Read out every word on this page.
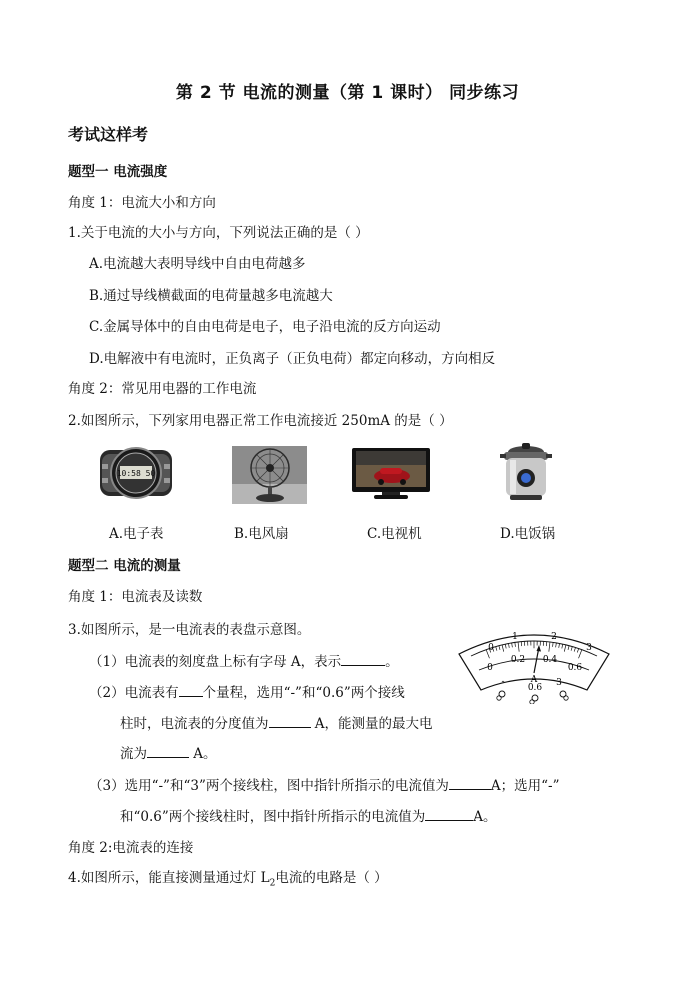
第 2 节 电流的测量（第 1 课时） 同步练习
考试这样考
题型一 电流强度
角度 1：电流大小和方向
1.关于电流的大小与方向，下列说法正确的是（ ）
A.电流越大表明导线中自由电荷越多
B.通过导线横截面的电荷量越多电流越大
C.金属导体中的自由电荷是电子，电子沿电流的反方向运动
D.电解液中有电流时，正负离子（正负电荷）都定向移动，方向相反
角度 2：常见用电器的工作电流
2.如图所示，下列家用电器正常工作电流接近 250mA 的是（ ）
10:58 50
A.电子表	B.电风扇	C.电视机	D.电饭锅
题型二 电流的测量
角度 1：电流表及读数
3.如图所示，是一电流表的表盘示意图。
（1）电流表的刻度盘上标有字母 A，表示	。
（2）电流表有 个量程，选用“-”和“0.6”两个接线
柱时，电流表的分度值为	A，能测量的最大电
流为	A。
（3）选用“-”和“3”两个接线柱，图中指针所指示的电流值为	A；选用“-”
和“0.6”两个接线柱时，图中指针所指示的电流值为	A。
0
1	2
3
0
0.2 0.4
0.6
A
-
0.6 3
角度 2:电流表的连接
4.如图所示，能直接测量通过灯 $L_2$电流的电路是（ ）
